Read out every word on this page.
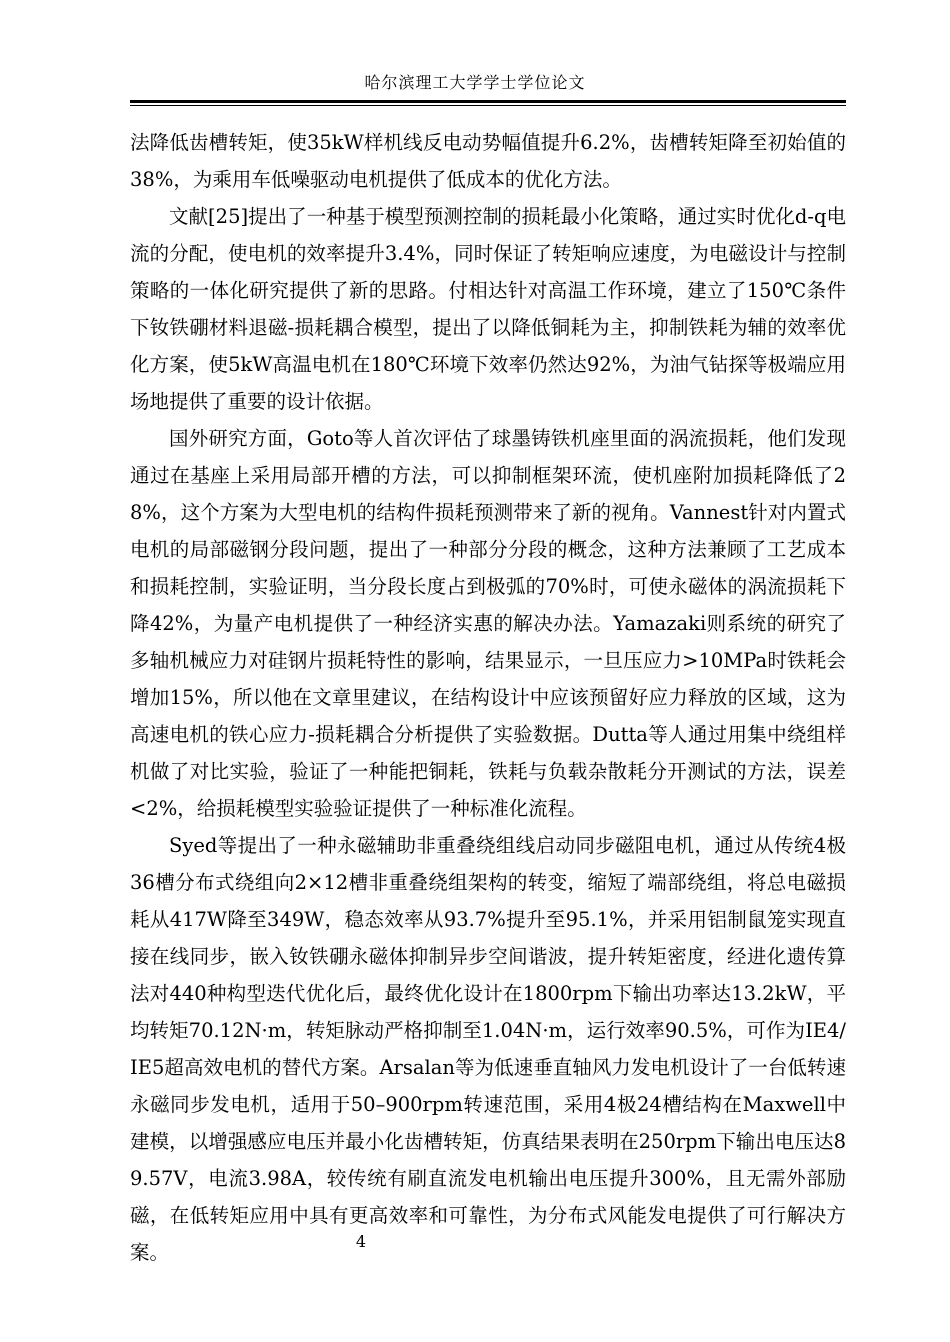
哈尔滨理工大学学士学位论文

法降低齿槽转矩，使35kW样机线反电动势幅值提升6.2%，齿槽转矩降至初始值的38%，为乘用车低噪驱动电机提供了低成本的优化方法。

文献[25]提出了一种基于模型预测控制的损耗最小化策略，通过实时优化d-q电流的分配，使电机的效率提升3.4%，同时保证了转矩响应速度，为电磁设计与控制策略的一体化研究提供了新的思路。付相达针对高温工作环境，建立了150℃条件下钕铁硼材料退磁-损耗耦合模型，提出了以降低铜耗为主，抑制铁耗为辅的效率优化方案，使5kW高温电机在180℃环境下效率仍然达92%，为油气钻探等极端应用场地提供了重要的设计依据。

国外研究方面，Goto等人首次评估了球墨铸铁机座里面的涡流损耗，他们发现通过在基座上采用局部开槽的方法，可以抑制框架环流，使机座附加损耗降低了28%，这个方案为大型电机的结构件损耗预测带来了新的视角。Vannest针对内置式电机的局部磁钢分段问题，提出了一种部分分段的概念，这种方法兼顾了工艺成本和损耗控制，实验证明，当分段长度占到极弧的70%时，可使永磁体的涡流损耗下降42%，为量产电机提供了一种经济实惠的解决办法。Yamazaki则系统的研究了多轴机械应力对硅钢片损耗特性的影响，结果显示，一旦压应力>10MPa时铁耗会增加15%，所以他在文章里建议，在结构设计中应该预留好应力释放的区域，这为高速电机的铁心应力-损耗耦合分析提供了实验数据。Dutta等人通过用集中绕组样机做了对比实验，验证了一种能把铜耗，铁耗与负载杂散耗分开测试的方法，误差<2%，给损耗模型实验验证提供了一种标准化流程。

Syed等提出了一种永磁辅助非重叠绕组线启动同步磁阻电机，通过从传统4极36槽分布式绕组向2×12槽非重叠绕组架构的转变，缩短了端部绕组，将总电磁损耗从417W降至349W，稳态效率从93.7%提升至95.1%，并采用铝制鼠笼实现直接在线同步，嵌入钕铁硼永磁体抑制异步空间谐波，提升转矩密度，经进化遗传算法对440种构型迭代优化后，最终优化设计在1800rpm下输出功率达13.2kW，平均转矩70.12N·m，转矩脉动严格抑制至1.04N·m，运行效率90.5%，可作为IE4/IE5超高效电机的替代方案。Arsalan等为低速垂直轴风力发电机设计了一台低转速永磁同步发电机，适用于50–900rpm转速范围，采用4极24槽结构在Maxwell中建模，以增强感应电压并最小化齿槽转矩，仿真结果表明在250rpm下输出电压达89.57V，电流3.98A，较传统有刷直流发电机输出电压提升300%，且无需外部励磁，在低转矩应用中具有更高效率和可靠性，为分布式风能发电提供了可行解决方案。	4
